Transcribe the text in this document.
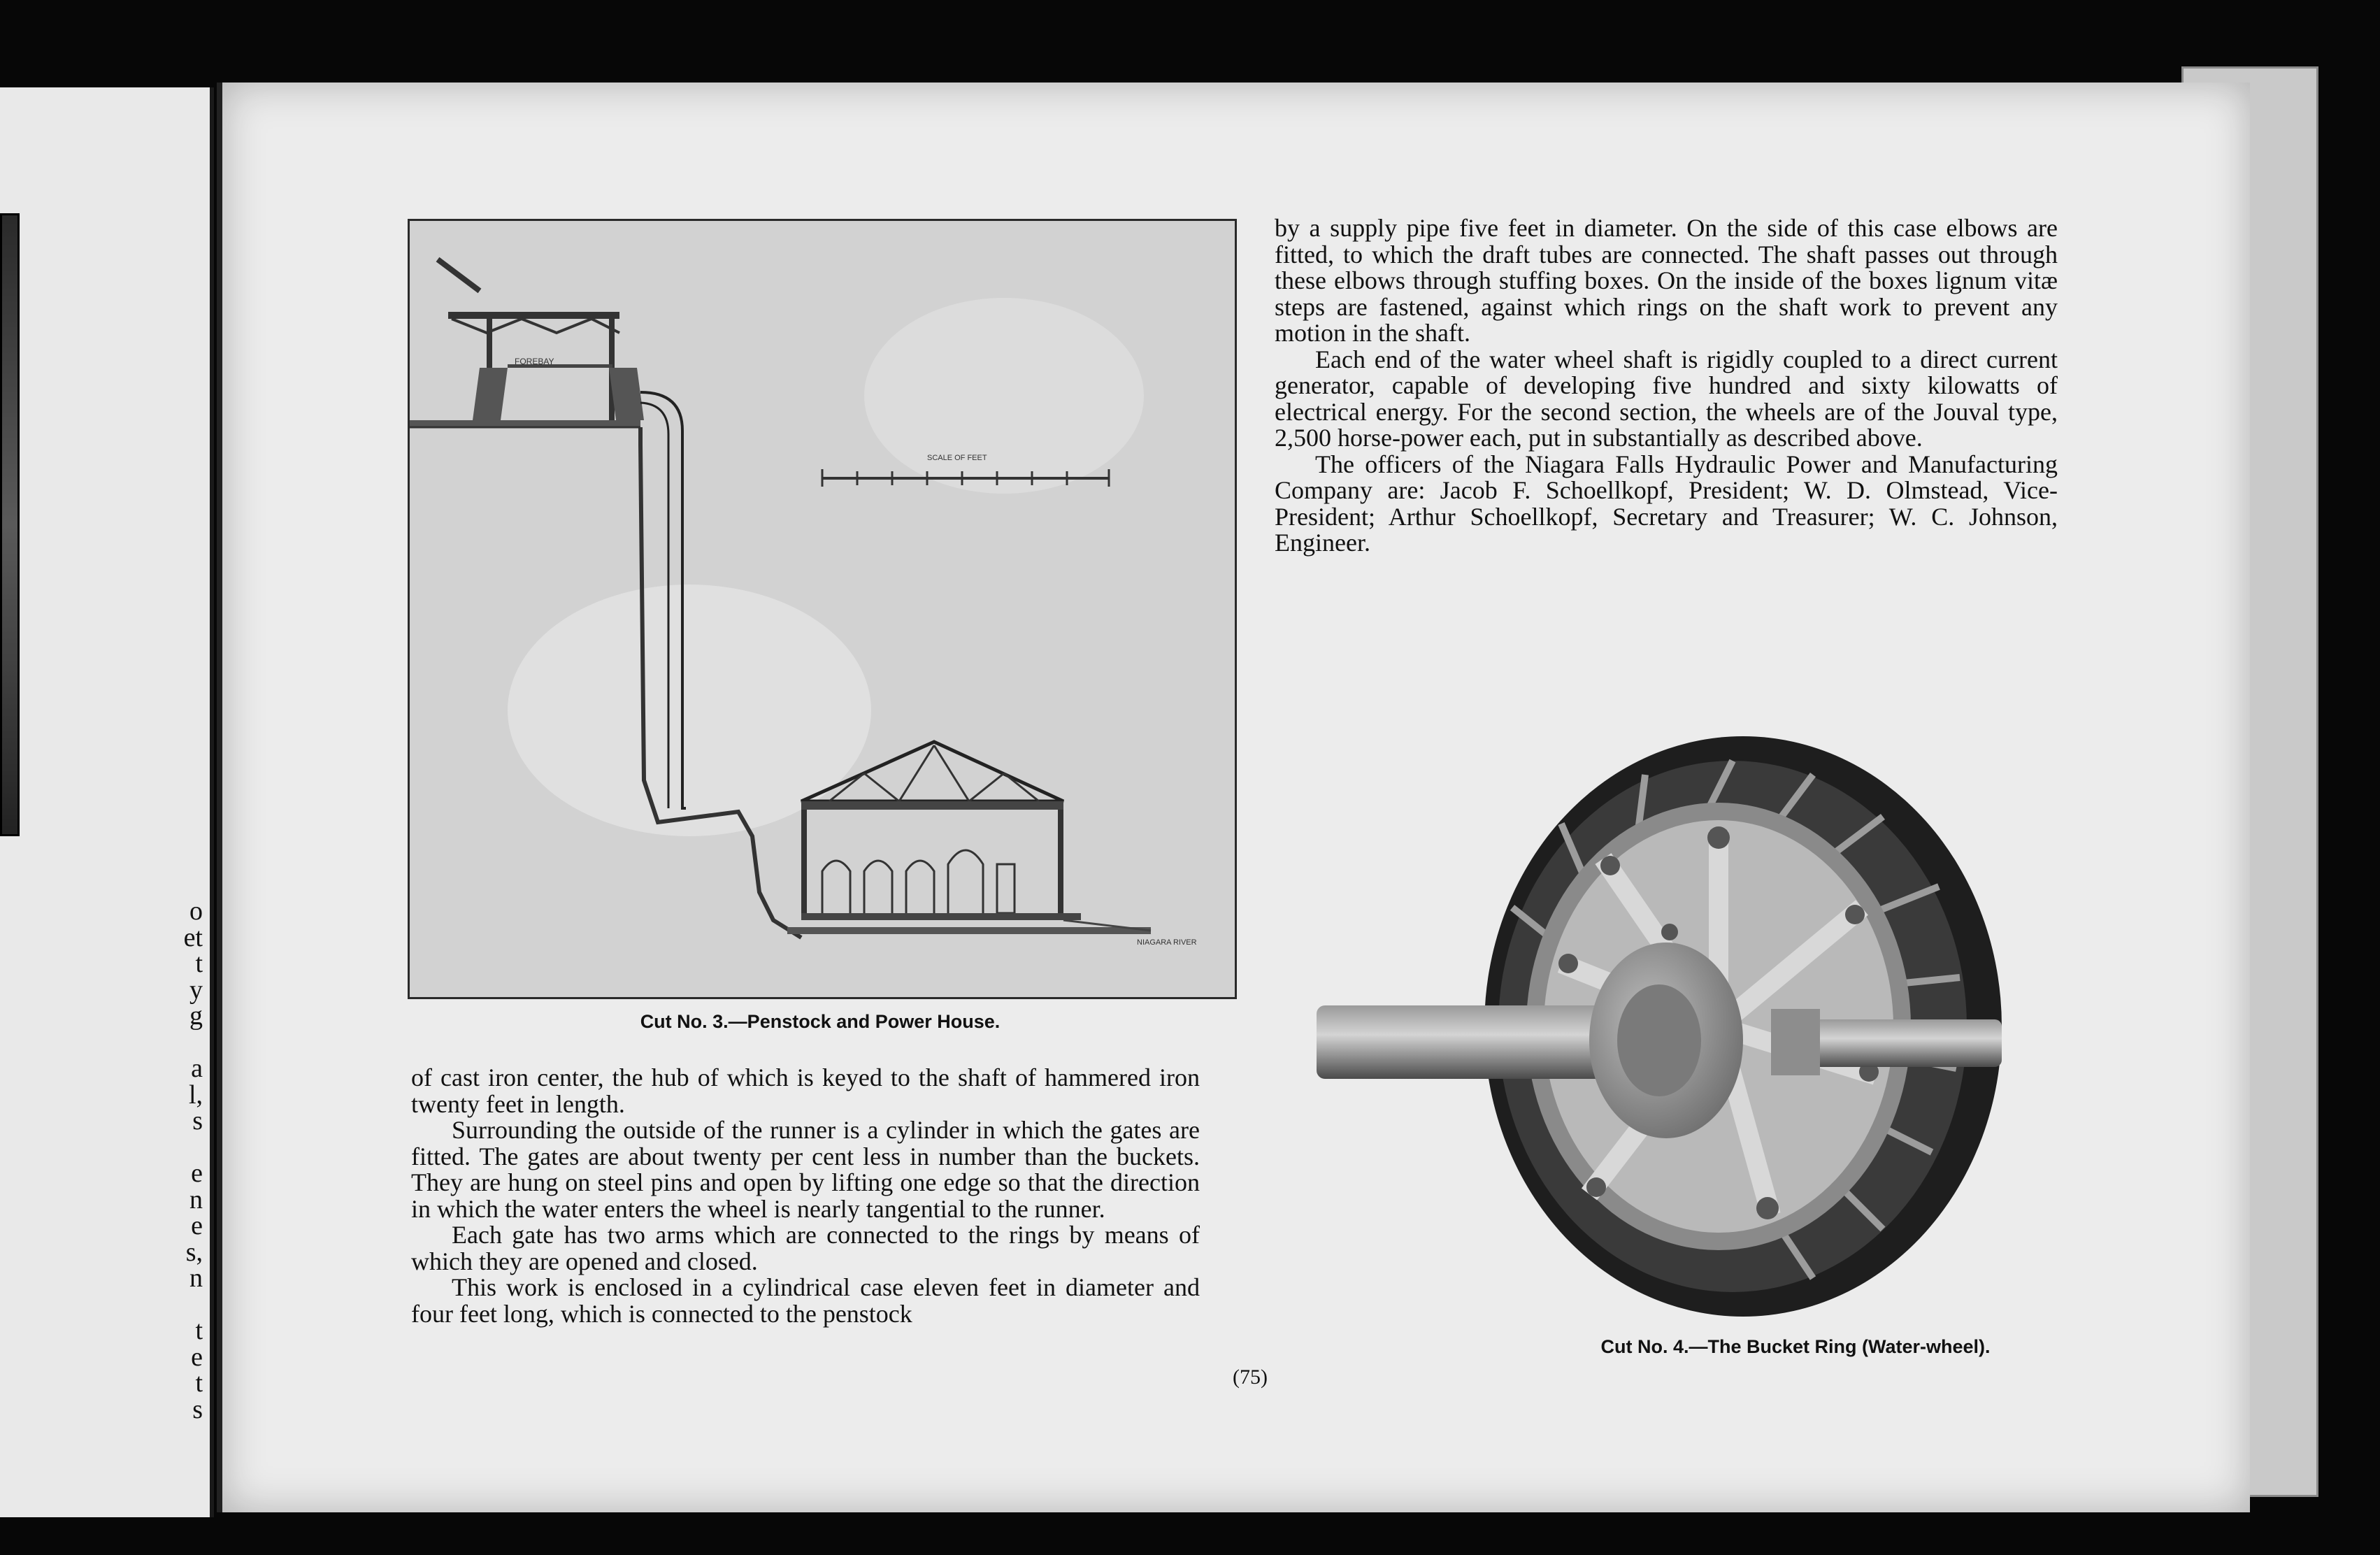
o
et
t
y
g

a
l,
s

e
n
e
s,
n

t
e
t
s
FOREBAY
SCALE OF FEET
NIAGARA RIVER
Cut No. 3.—Penstock and Power House.

of cast iron center, the hub of which is keyed to the shaft of hammered iron twenty feet in length.

Surrounding the outside of the runner is a cylinder in which the gates are fitted. The gates are about twenty per cent less in number than the buckets. They are hung on steel pins and open by lifting one edge so that the direction in which the water enters the wheel is nearly tangential to the runner.

Each gate has two arms which are connected to the rings by means of which they are opened and closed.

This work is enclosed in a cylindrical case eleven feet in diameter and four feet long, which is connected to the penstock

by a supply pipe five feet in diameter. On the side of this case elbows are fitted, to which the draft tubes are connected. The shaft passes out through these elbows through stuffing boxes. On the inside of the boxes lignum vitæ steps are fastened, against which rings on the shaft work to prevent any motion in the shaft.

Each end of the water wheel shaft is rigidly coupled to a direct current generator, capable of developing five hundred and sixty kilowatts of electrical energy. For the second section, the wheels are of the Jouval type, 2,500 horse-power each, put in substantially as described above.

The officers of the Niagara Falls Hydraulic Power and Manufacturing Company are: Jacob F. Schoellkopf, President; W. D. Olmstead, Vice-President; Arthur Schoellkopf, Secretary and Treasurer; W. C. Johnson, Engineer.

Cut No. 4.—The Bucket Ring (Water-wheel).
(75)
